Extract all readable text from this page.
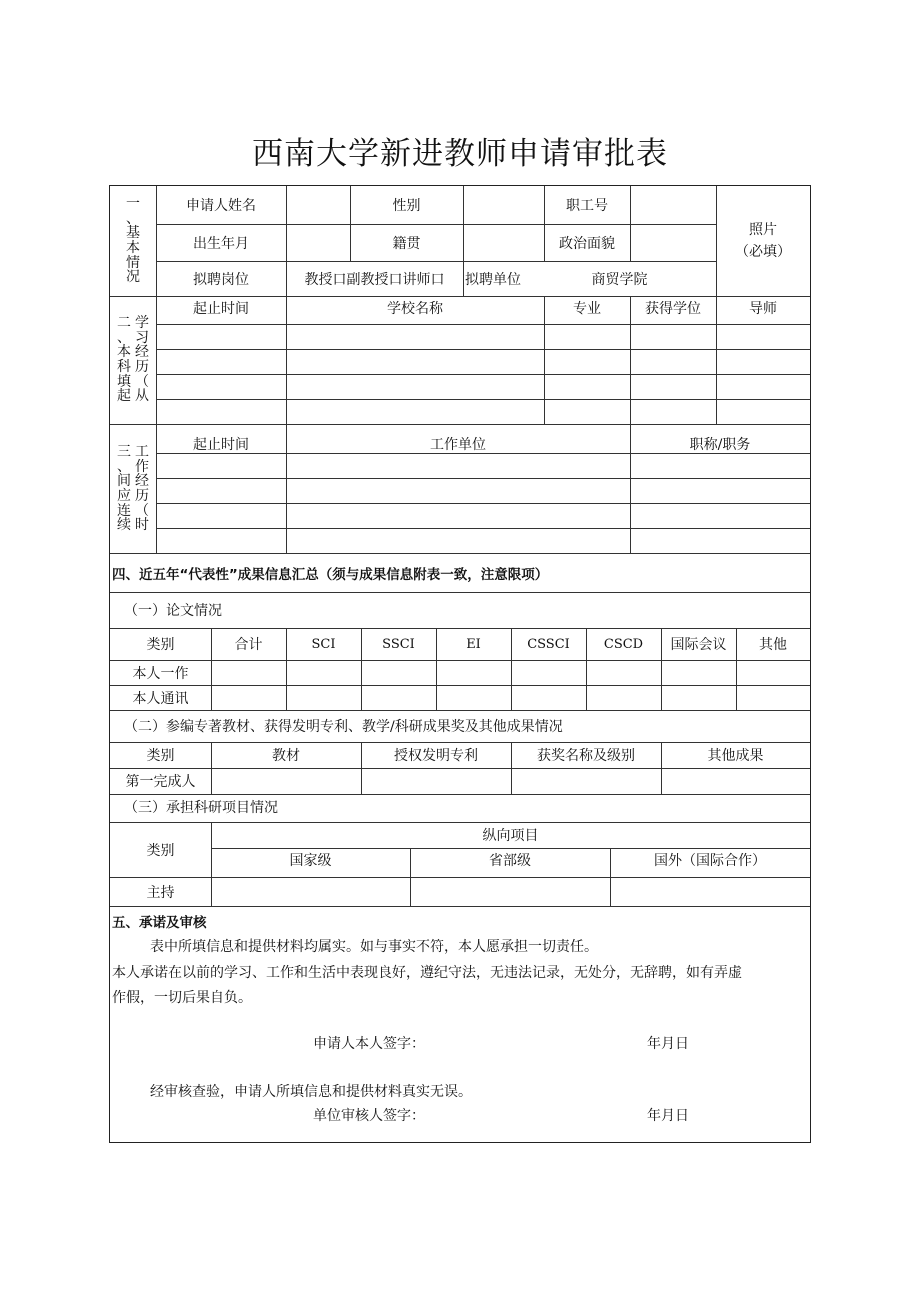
西南大学新进教师申请审批表
一
、
基
本
情
况
申请人姓名	性别	职工号
出生年月	籍贯	政治面貌
拟聘岗位	教授口副教授口讲师口	拟聘单位	商贸学院
照片
（必填）
二
、
本
科
填
起
学
习
经
历
（
从
起止时间	学校名称	专业	获得学位	导师
三
、
间
应
连
续
工
作
经
历
（
时
起止时间	工作单位	职称/职务
四、近五年“代表性”成果信息汇总（须与成果信息附表一致，注意限项）
（一）论文情况
类别	合计	SCI	SSCI	EI	CSSCI	CSCD	国际会议	其他
本人一作
本人通讯
（二）参编专著教材、获得发明专利、教学/科研成果奖及其他成果情况
类别	教材	授权发明专利	获奖名称及级别	其他成果
第一完成人
（三）承担科研项目情况
类别
纵向项目
国家级	省部级	国外（国际合作）
主持
五、承诺及审核
表中所填信息和提供材料均属实。如与事实不符，本人愿承担一切责任。
本人承诺在以前的学习、工作和生活中表现良好，遵纪守法，无违法记录，无处分，无辞聘，如有弄虚
作假，一切后果自负。
申请人本人签字：	年月日
经审核查验，申请人所填信息和提供材料真实无误。
单位审核人签字：	年月日
